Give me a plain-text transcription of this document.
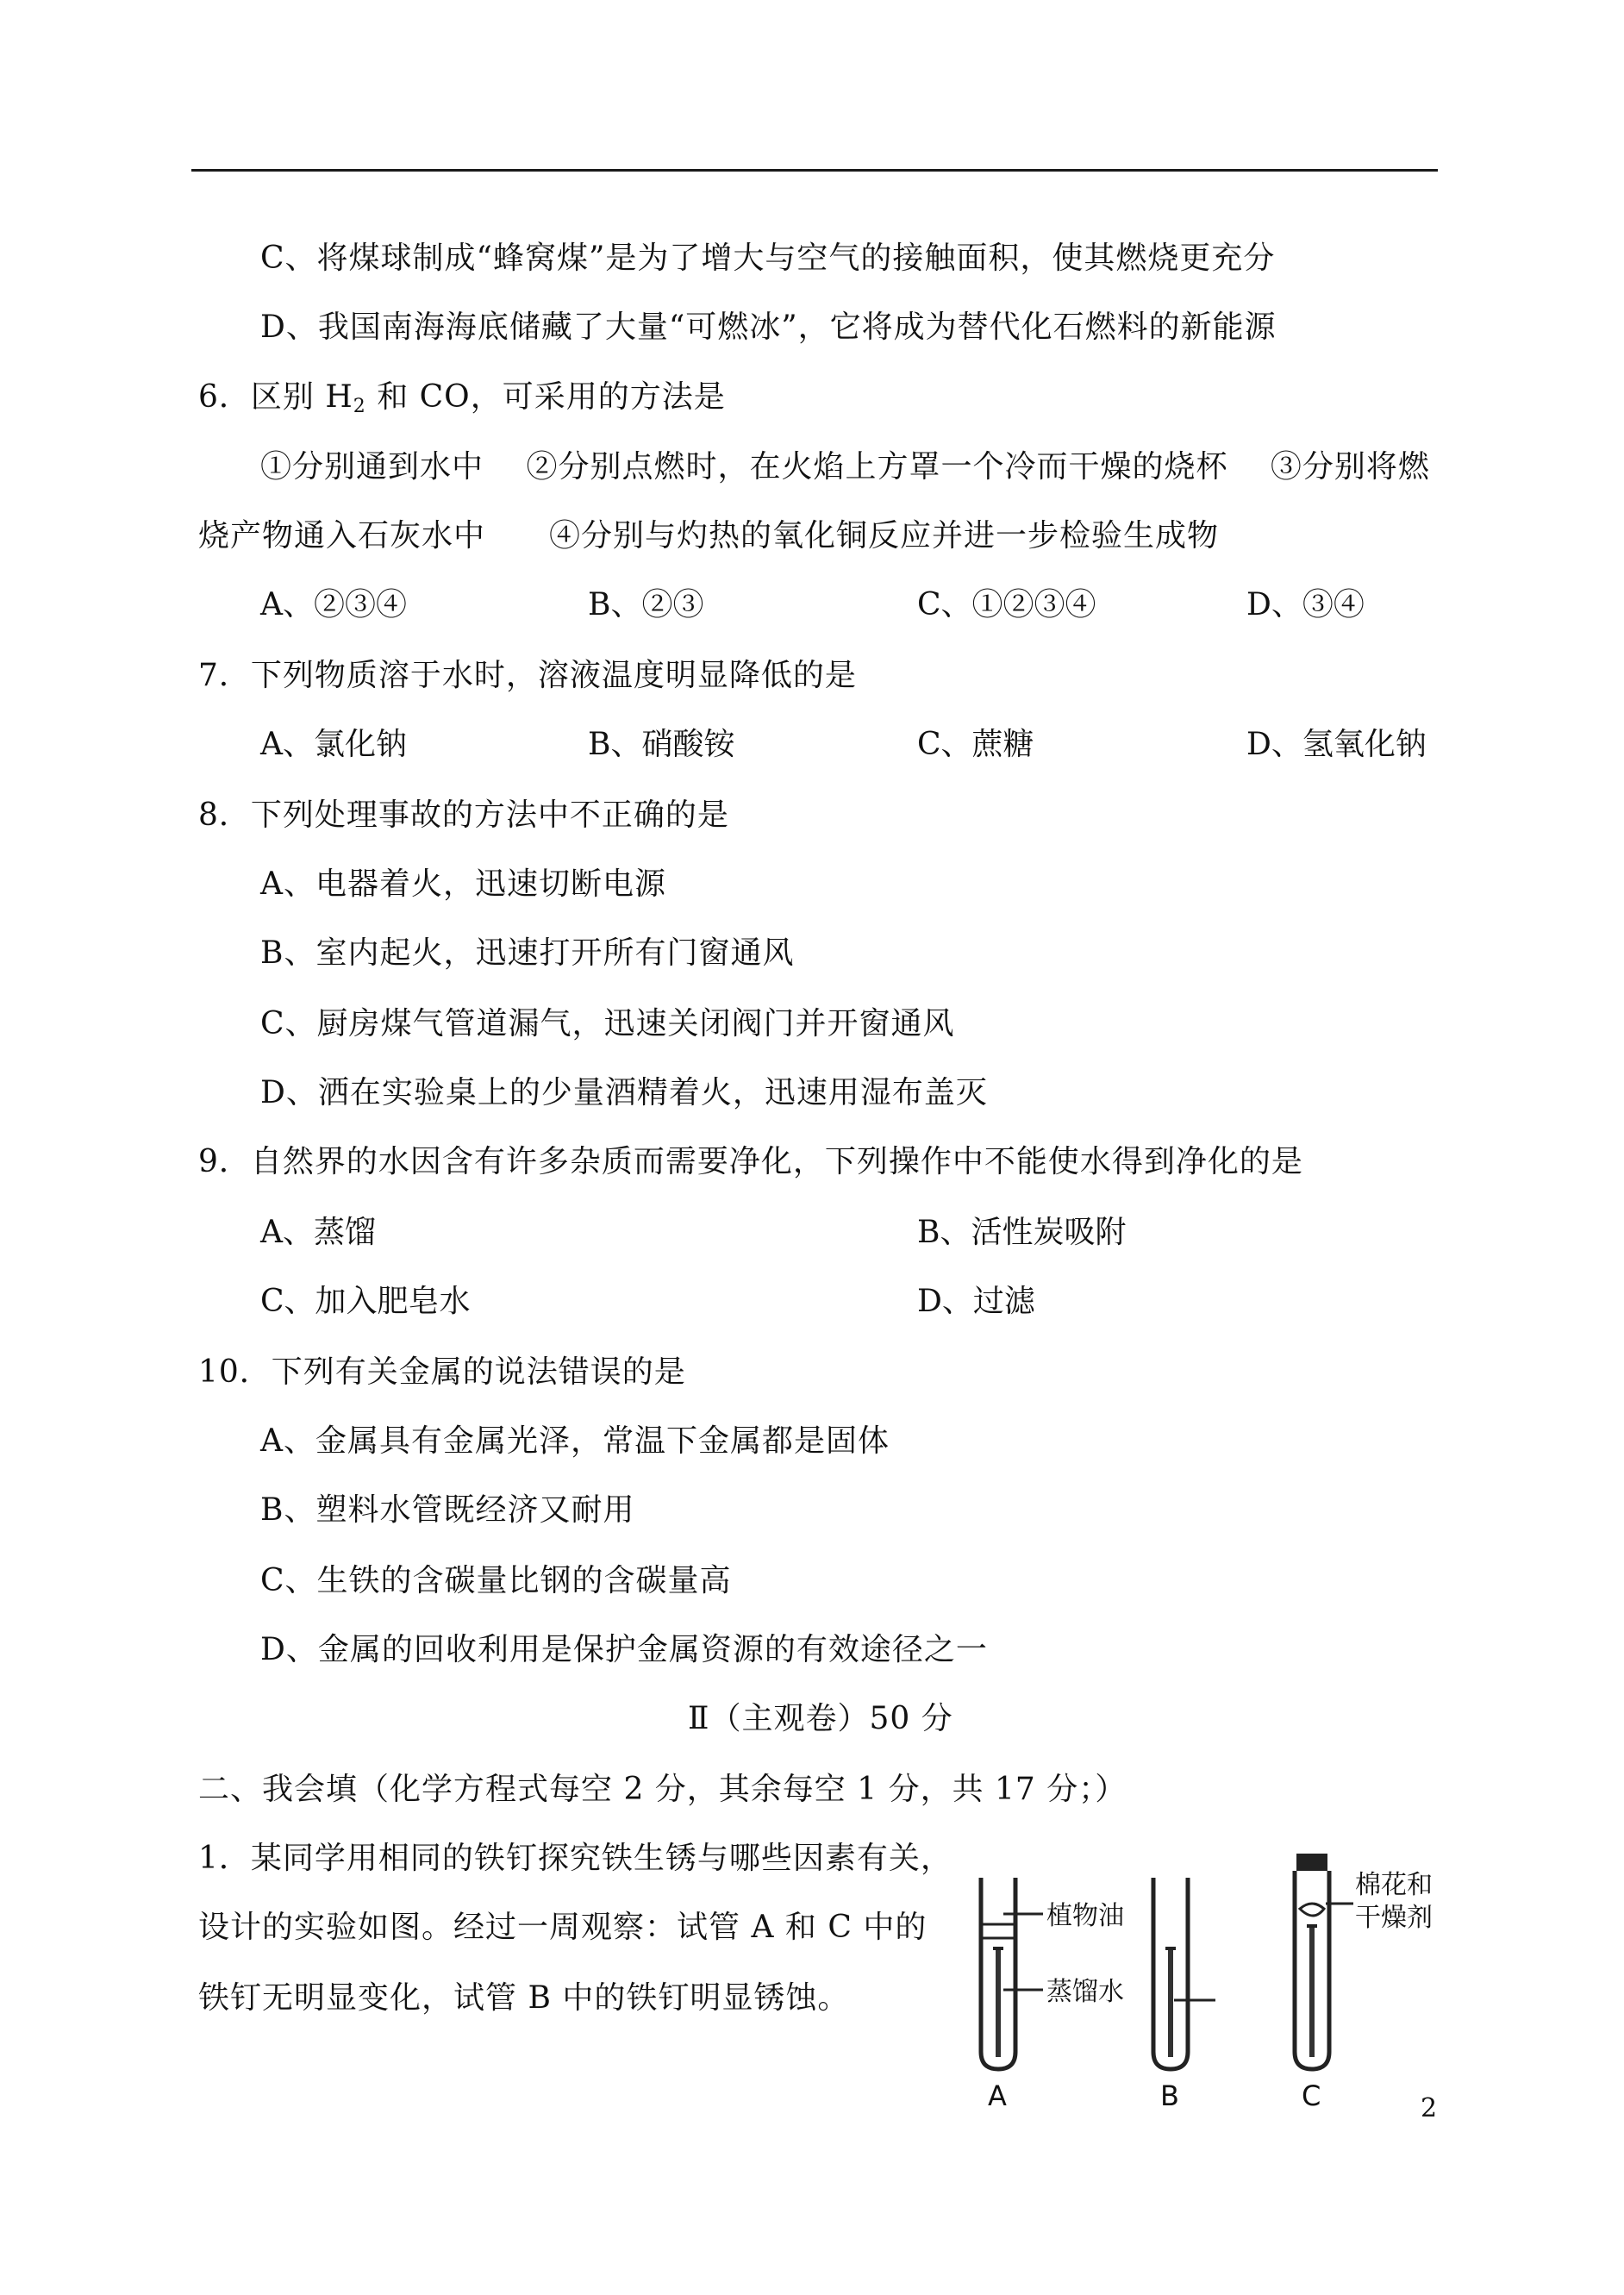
C、将煤球制成“蜂窝煤”是为了增大与空气的接触面积，使其燃烧更充分
D、我国南海海底储藏了大量“可燃冰”，它将成为替代化石燃料的新能源
6．区别 $H_2$ 和 CO，可采用的方法是
①分别通到水中　 ②分别点燃时，在火焰上方罩一个冷而干燥的烧杯　 ③分别将燃
烧产物通入石灰水中　　④分别与灼热的氧化铜反应并进一步检验生成物
A、②③④	B、②③	C、①②③④	D、③④
7．下列物质溶于水时，溶液温度明显降低的是
A、氯化钠	B、硝酸铵	C、蔗糖	D、氢氧化钠
8．下列处理事故的方法中不正确的是
A、电器着火，迅速切断电源
B、室内起火，迅速打开所有门窗通风
C、厨房煤气管道漏气，迅速关闭阀门并开窗通风
D、洒在实验桌上的少量酒精着火，迅速用湿布盖灭
9．自然界的水因含有许多杂质而需要净化，下列操作中不能使水得到净化的是
A、蒸馏	B、活性炭吸附
C、加入肥皂水	D、过滤
10．下列有关金属的说法错误的是
A、金属具有金属光泽，常温下金属都是固体
B、塑料水管既经济又耐用
C、生铁的含碳量比钢的含碳量高
D、金属的回收利用是保护金属资源的有效途径之一
Ⅱ（主观卷）50 分
二、我会填（化学方程式每空 2 分，其余每空 1 分，共 17 分；）
1．某同学用相同的铁钉探究铁生锈与哪些因素有关，
设计的实验如图。经过一周观察：试管 A 和 C 中的
铁钉无明显变化，试管 B 中的铁钉明显锈蚀。
植物油
蒸馏水
A	B
棉花和
干燥剂
C	2
